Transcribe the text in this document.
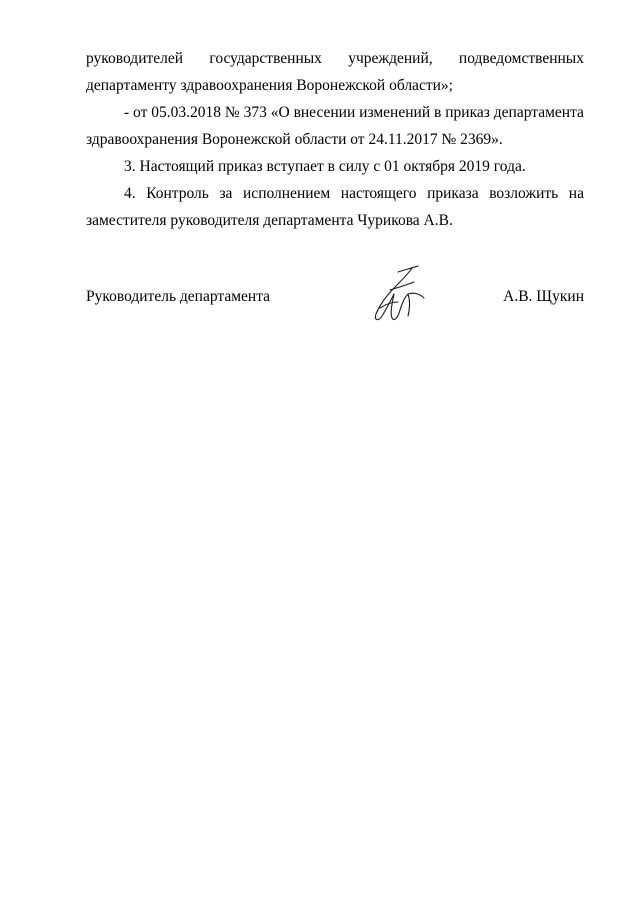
руководителей государственных учреждений, подведомственных
департаменту здравоохранения Воронежской области»;
- от 05.03.2018 № 373 «О внесении изменений в приказ департамента
здравоохранения Воронежской области от 24.11.2017 № 2369».
3. Настоящий приказ вступает в силу с 01 октября 2019 года.
4. Контроль за исполнением настоящего приказа возложить на
заместителя руководителя департамента Чурикова А.В.
Руководитель департамента	А.В. Щукин
